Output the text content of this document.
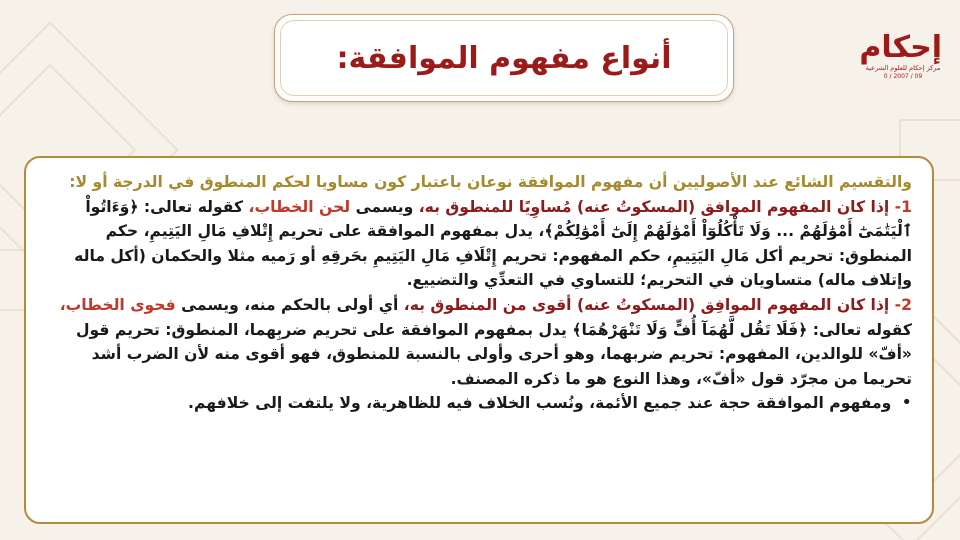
أنواع مفهوم الموافقة:	إحكام
مركز إحكام للعلوم الشرعية
0 / 2007 / 09

والتقسيم الشائع عند الأصوليين أن مفهوم الموافقة نوعان باعتبار كون مساويا لحكم المنطوق في الدرجة أو لا:

1- إذا كان المفهوم الموافق (المسكوتُ عنه) مُساوِيًا للمنطوق به، ويسمى لحن الخطاب، كقوله تعالى: ﴿وَءَاتُواْ ٱلْيَتَٰمَىٰٓ أَمْوَٰلَهُمْ ... وَلَا تَأْكُلُوٓاْ أَمْوَٰلَهُمْ إِلَىٰٓ أَمْوَٰلِكُمْ﴾، يدل بمفهوم الموافقة على تحريم إِتْلافِ مَالِ اليَتِيمِ، حكم المنطوق: تحريم أكل مَالِ اليَتِيمِ، حكم المفهوم: تحريم إِتْلَافِ مَالِ اليَتِيمِ بحَرقِهِ أو رَميه مثلا والحكمان (أكل ماله وإتلاف ماله) متساويان في التحريم؛ للتساوي في التعدِّي والتضييع.

2- إذا كان المفهوم الموافِق (المسكوتُ عنه) أقوى من المنطوق به، أي أولى بالحكم منه، ويسمى فحوى الخطاب، كقوله تعالى: ﴿فَلَا تَقُل لَّهُمَآ أُفٍّ وَلَا تَنْهَرْهُمَا﴾ يدل بمفهوم الموافقة على تحريم ضربِهما، المنطوق: تحريم قول «أفّ» للوالدين، المفهوم: تحريم ضربهما، وهو أحرى وأولى بالنسبة للمنطوق، فهو أقوى منه لأن الضرب أشد تحريما من مجرّد قول «أفّ»، وهذا النوع هو ما ذكره المصنف.

•

ومفهوم الموافقة حجة عند جميع الأئمة، ونُسب الخلاف فيه للظاهرية، ولا يلتفت إلى خلافهم.
